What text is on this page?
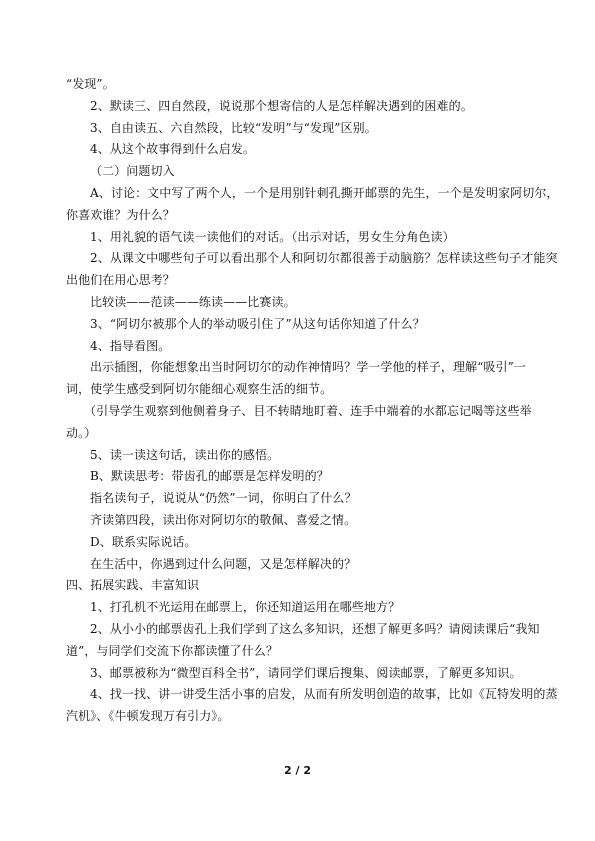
“发现”。
2、默读三、四自然段，说说那个想寄信的人是怎样解决遇到的困难的。
3、自由读五、六自然段，比较“发明”与“发现”区别。
4、从这个故事得到什么启发。
（二）问题切入
A、讨论：文中写了两个人，一个是用别针刺孔撕开邮票的先生，一个是发明家阿切尔，
你喜欢谁？为什么？
1、用礼貌的语气读一读他们的对话。（出示对话，男女生分角色读）
2、从课文中哪些句子可以看出那个人和阿切尔都很善于动脑筋？怎样读这些句子才能突
出他们在用心思考？
比较读——范读——练读——比赛读。
3、“阿切尔被那个人的举动吸引住了”从这句话你知道了什么？
4、指导看图。
出示插图，你能想象出当时阿切尔的动作神情吗？学一学他的样子，理解“吸引”一
词，使学生感受到阿切尔能细心观察生活的细节。
（引导学生观察到他侧着身子、目不转睛地盯着、连手中端着的水都忘记喝等这些举
动。）
5、读一读这句话，读出你的感悟。
B、默读思考：带齿孔的邮票是怎样发明的？
指名读句子，说说从“仍然”一词，你明白了什么？
齐读第四段，读出你对阿切尔的敬佩、喜爱之情。
D、联系实际说话。
在生活中，你遇到过什么问题，又是怎样解决的？
四、拓展实践、丰富知识
1、打孔机不光运用在邮票上，你还知道运用在哪些地方？
2、从小小的邮票齿孔上我们学到了这么多知识，还想了解更多吗？请阅读课后“我知
道”，与同学们交流下你都读懂了什么？
3、邮票被称为“微型百科全书”，请同学们课后搜集、阅读邮票，了解更多知识。
4、找一找、讲一讲受生活小事的启发，从而有所发明创造的故事，比如《瓦特发明的蒸
汽机》、《牛顿发现万有引力》。
2 / 2
